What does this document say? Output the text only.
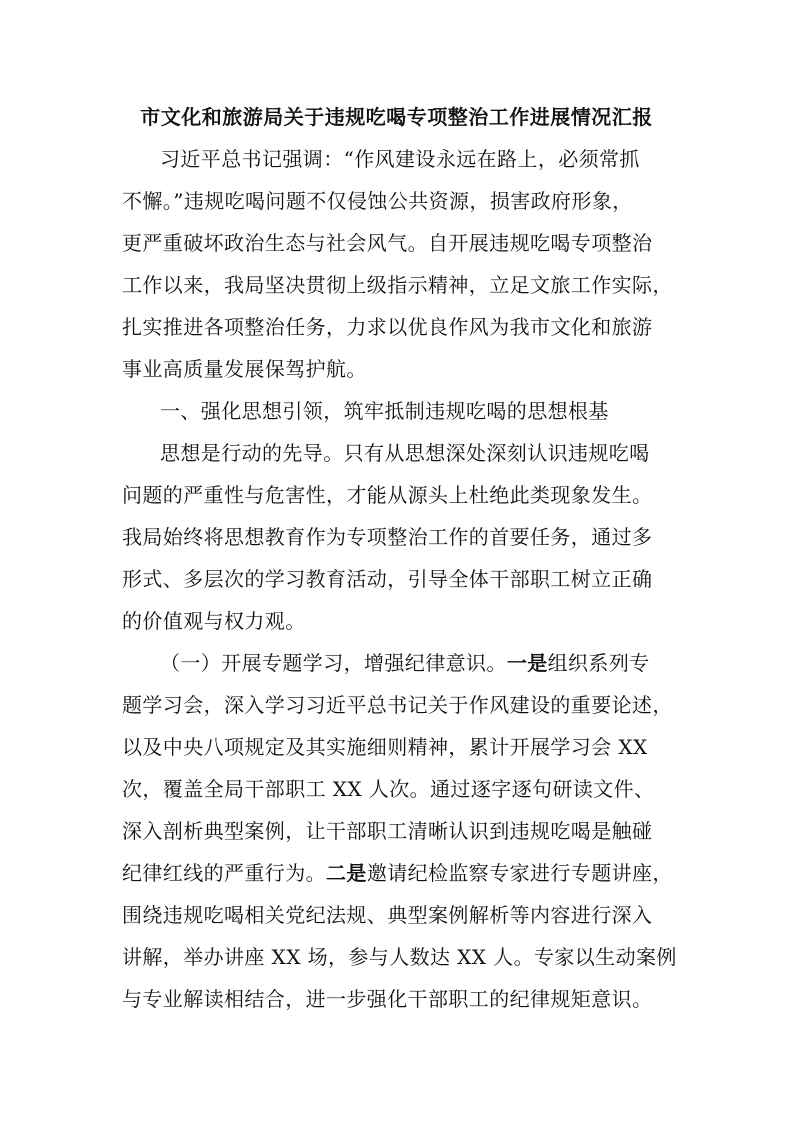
市文化和旅游局关于违规吃喝专项整治工作进展情况汇报
习近平总书记强调：“作风建设永远在路上，必须常抓
不懈。”违规吃喝问题不仅侵蚀公共资源，损害政府形象，
更严重破坏政治生态与社会风气。自开展违规吃喝专项整治
工作以来，我局坚决贯彻上级指示精神，立足文旅工作实际，
扎实推进各项整治任务，力求以优良作风为我市文化和旅游
事业高质量发展保驾护航。
一、强化思想引领，筑牢抵制违规吃喝的思想根基
思想是行动的先导。只有从思想深处深刻认识违规吃喝
问题的严重性与危害性，才能从源头上杜绝此类现象发生。
我局始终将思想教育作为专项整治工作的首要任务，通过多
形式、多层次的学习教育活动，引导全体干部职工树立正确
的价值观与权力观。
（一）开展专题学习，增强纪律意识。一是组织系列专
题学习会，深入学习习近平总书记关于作风建设的重要论述，
以及中央八项规定及其实施细则精神，累计开展学习会 XX
次，覆盖全局干部职工 XX 人次。通过逐字逐句研读文件、
深入剖析典型案例，让干部职工清晰认识到违规吃喝是触碰
纪律红线的严重行为。二是邀请纪检监察专家进行专题讲座，
围绕违规吃喝相关党纪法规、典型案例解析等内容进行深入
讲解，举办讲座 XX 场，参与人数达 XX 人。专家以生动案例
与专业解读相结合，进一步强化干部职工的纪律规矩意识。
